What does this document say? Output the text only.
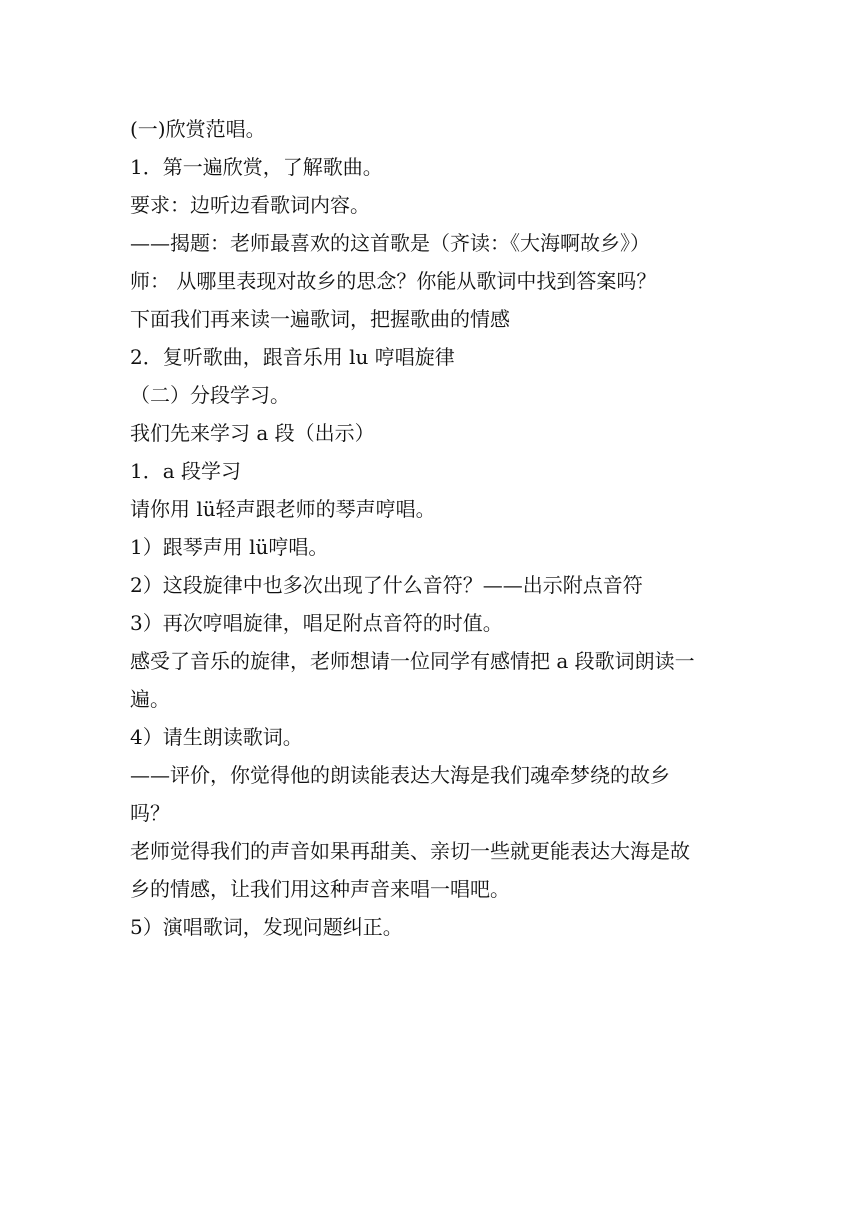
(一)欣赏范唱。

1．第一遍欣赏，了解歌曲。

要求：边听边看歌词内容。

——揭题：老师最喜欢的这首歌是（齐读：《大海啊故乡》）

师： 从哪里表现对故乡的思念？你能从歌词中找到答案吗？

下面我们再来读一遍歌词，把握歌曲的情感

2．复听歌曲，跟音乐用 lu 哼唱旋律

（二）分段学习。

我们先来学习 a 段（出示）

1．a 段学习

请你用 lü轻声跟老师的琴声哼唱。

1）跟琴声用 lü哼唱。

2）这段旋律中也多次出现了什么音符？——出示附点音符

3）再次哼唱旋律，唱足附点音符的时值。

感受了音乐的旋律，老师想请一位同学有感情把 a 段歌词朗读一

遍。

4）请生朗读歌词。

——评价，你觉得他的朗读能表达大海是我们魂牵梦绕的故乡

吗？

老师觉得我们的声音如果再甜美、亲切一些就更能表达大海是故

乡的情感，让我们用这种声音来唱一唱吧。

5）演唱歌词，发现问题纠正。
